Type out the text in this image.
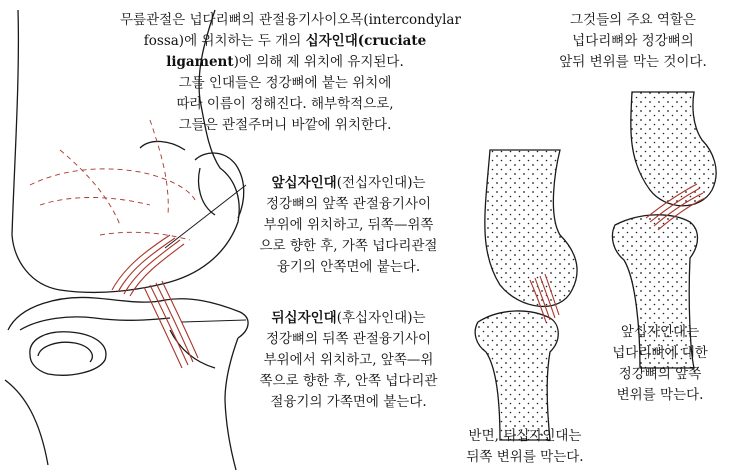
무릎관절은 넙다리뼈의 관절융기사이오목(intercondylar
fossa)에 위치하는 두 개의 십자인대(cruciate
ligament)에 의해 제 위치에 유지된다.
그들 인대들은 정강뼈에 붙는 위치에
따라 이름이 정해진다. 해부학적으로,
그들은 관절주머니 바깥에 위치한다.
그것들의 주요 역할은
넙다리뼈와 정강뼈의
앞뒤 변위를 막는 것이다.
앞십자인대(전십자인대)는
정강뼈의 앞쪽 관절융기사이
부위에 위치하고, 뒤쪽—위쪽
으로 향한 후, 가쪽 넙다리관절
융기의 안쪽면에 붙는다.
뒤십자인대(후십자인대)는
정강뼈의 뒤쪽 관절융기사이
부위에서 위치하고, 앞쪽—위
쪽으로 향한 후, 안쪽 넙다리관
절융기의 가쪽면에 붙는다.
반면, 뒤십자인대는
뒤쪽 변위를 막는다.
앞십자인대는
넙다리뼈에 대한
정강뼈의 앞쪽
변위를 막는다.
